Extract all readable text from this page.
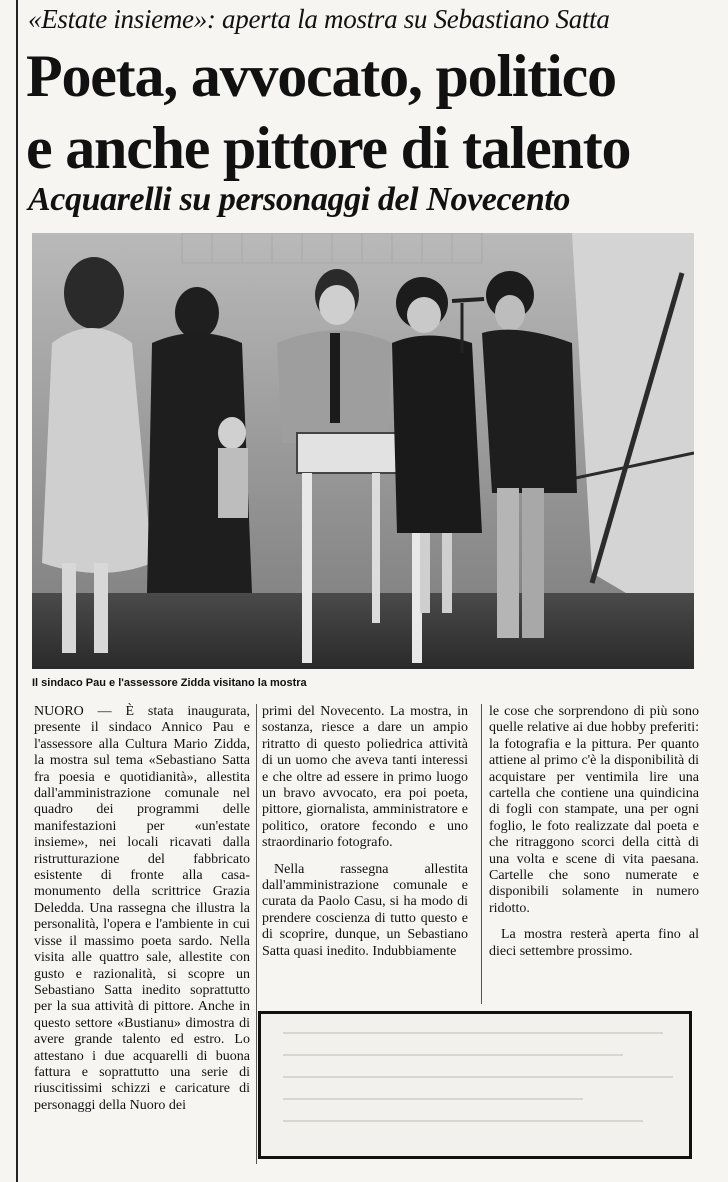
«Estate insieme»: aperta la mostra su Sebastiano Satta
Poeta, avvocato, politico
e anche pittore di talento
Acquarelli su personaggi del Novecento
Il sindaco Pau e l'assessore Zidda visitano la mostra

NUORO — È stata inaugurata, presente il sindaco Annico Pau e l'assessore alla Cultura Mario Zidda, la mostra sul tema «Sebastiano Satta fra poesia e quotidianità», allestita dall'amministrazione comunale nel quadro dei programmi delle manifestazioni per «un'estate insieme», nei locali ricavati dalla ristrutturazione del fabbricato esistente di fronte alla casa-monumento della scrittrice Grazia Deledda. Una rassegna che illustra la personalità, l'opera e l'ambiente in cui visse il massimo poeta sardo. Nella visita alle quattro sale, allestite con gusto e razionalità, si scopre un Sebastiano Satta inedito soprattutto per la sua attività di pittore. Anche in questo settore «Bustianu» dimostra di avere grande talento ed estro. Lo attestano i due acquarelli di buona fattura e soprattutto una serie di riuscitissimi schizzi e caricature di personaggi della Nuoro dei

primi del Novecento. La mostra, in sostanza, riesce a dare un ampio ritratto di questo poliedrica attività di un uomo che aveva tanti interessi e che oltre ad essere in primo luogo un bravo avvocato, era poi poeta, pittore, giornalista, amministratore e politico, oratore fecondo e uno straordinario fotografo.

Nella rassegna allestita dall'amministrazione comunale e curata da Paolo Casu, si ha modo di prendere coscienza di tutto questo e di scoprire, dunque, un Sebastiano Satta quasi inedito. Indubbiamente

le cose che sorprendono di più sono quelle relative ai due hobby preferiti: la fotografia e la pittura. Per quanto attiene al primo c'è la disponibilità di acquistare per ventimila lire una cartella che contiene una quindicina di fogli con stampate, una per ogni foglio, le foto realizzate dal poeta e che ritraggono scorci della città di una volta e scene di vita paesana. Cartelle che sono numerate e disponibili solamente in numero ridotto.

La mostra resterà aperta fino al dieci settembre prossimo.
